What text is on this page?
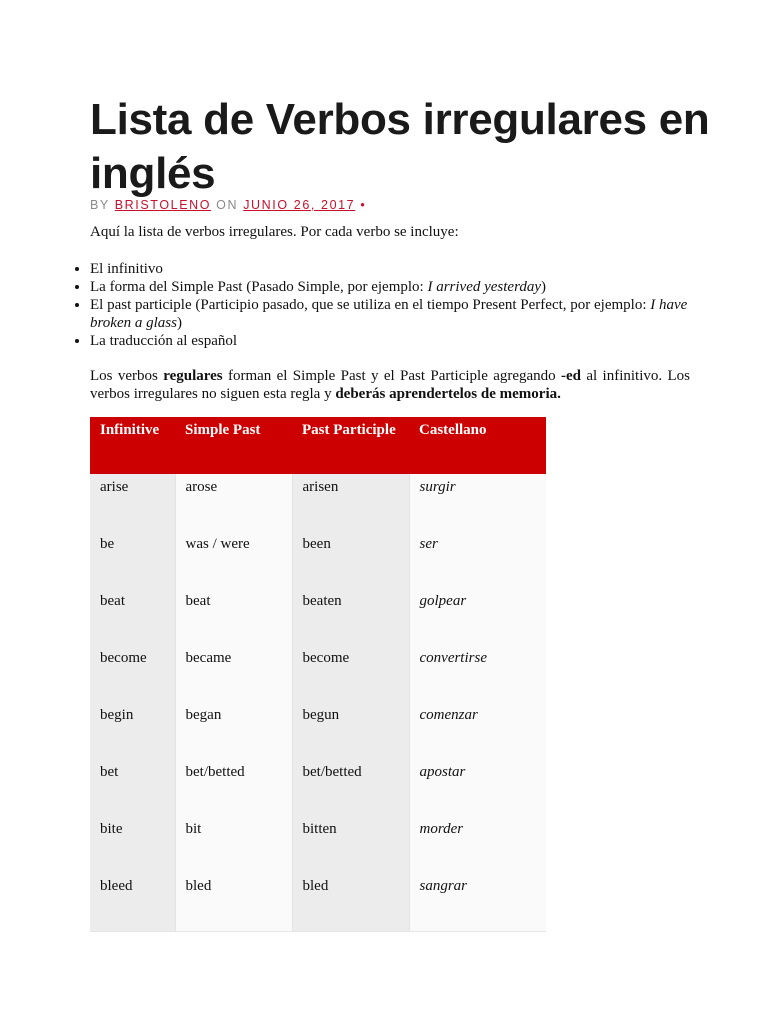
Lista de Verbos irregulares en inglés
BY BRISTOLENO ON JUNIO 26, 2017 •

Aquí la lista de verbos irregulares. Por cada verbo se incluye:

• El infinitivo
• La forma del Simple Past (Pasado Simple, por ejemplo: I arrived yesterday)
• El past participle (Participio pasado, que se utiliza en el tiempo Present Perfect, por ejemplo: I have broken a glass)
• La traducción al español

Los verbos regulares forman el Simple Past y el Past Participle agregando -ed al infinitivo. Los verbos irregulares no siguen esta regla y deberás aprendertelos de memoria.

Infinitive	Simple Past	Past Participle	Castellano
arise	arose	arisen	surgir
be	was / were	been	ser
beat	beat	beaten	golpear
become	became	become	convertirse
begin	began	begun	comenzar
bet	bet/betted	bet/betted	apostar
bite	bit	bitten	morder
bleed	bled	bled	sangrar
